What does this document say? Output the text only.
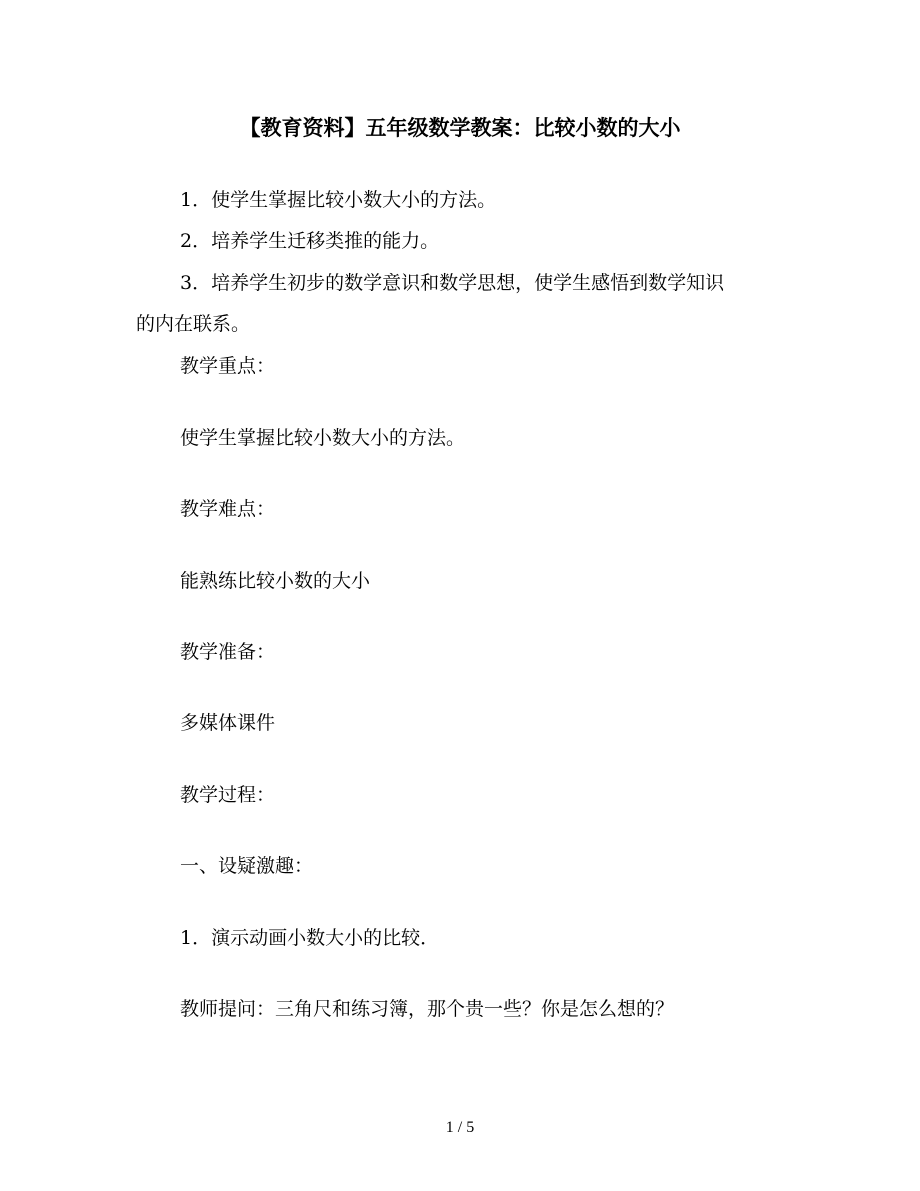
【教育资料】五年级数学教案：比较小数的大小
1．使学生掌握比较小数大小的方法。
2．培养学生迁移类推的能力。
3．培养学生初步的数学意识和数学思想，使学生感悟到数学知识
的内在联系。
教学重点：
使学生掌握比较小数大小的方法。
教学难点：
能熟练比较小数的大小
教学准备：
多媒体课件
教学过程：
一、设疑激趣：
1．演示动画小数大小的比较．
教师提问：三角尺和练习簿，那个贵一些？你是怎么想的？
1 / 5
